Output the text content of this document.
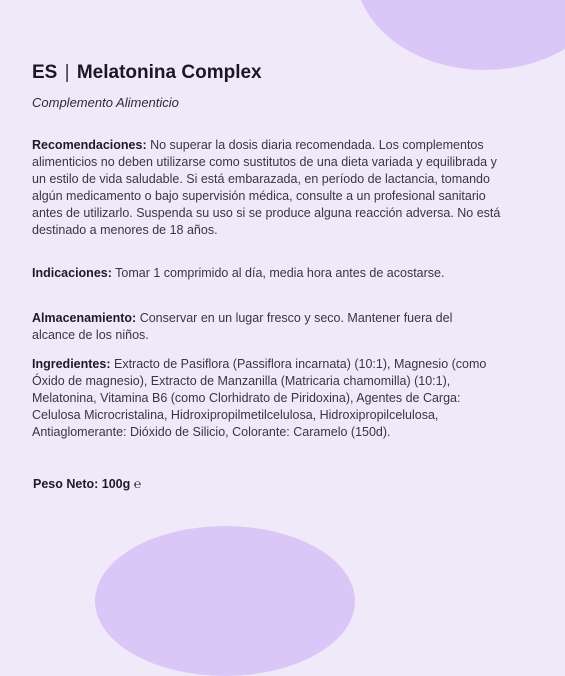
ES | Melatonina Complex

Complemento Alimenticio

Recomendaciones: No superar la dosis diaria recomendada. Los complementos alimenticios no deben utilizarse como sustitutos de una dieta variada y equilibrada y un estilo de vida saludable. Si está embarazada, en período de lactancia, tomando algún medicamento o bajo supervisión médica, consulte a un profesional sanitario antes de utilizarlo. Suspenda su uso si se produce alguna reacción adversa. No está destinado a menores de 18 años.

Indicaciones: Tomar 1 comprimido al día, media hora antes de acostarse.

Almacenamiento: Conservar en un lugar fresco y seco. Mantener fuera del alcance de los niños.

Ingredientes: Extracto de Pasiflora (Passiflora incarnata) (10:1), Magnesio (como Óxido de magnesio), Extracto de Manzanilla (Matricaria chamomilla) (10:1), Melatonina, Vitamina B6 (como Clorhidrato de Piridoxina), Agentes de Carga: Celulosa Microcristalina, Hidroxipropilmetilcelulosa, Hidroxipropilcelulosa, Antiaglomerante: Dióxido de Silicio, Colorante: Caramelo (150d).

Peso Neto: 100g ℮
